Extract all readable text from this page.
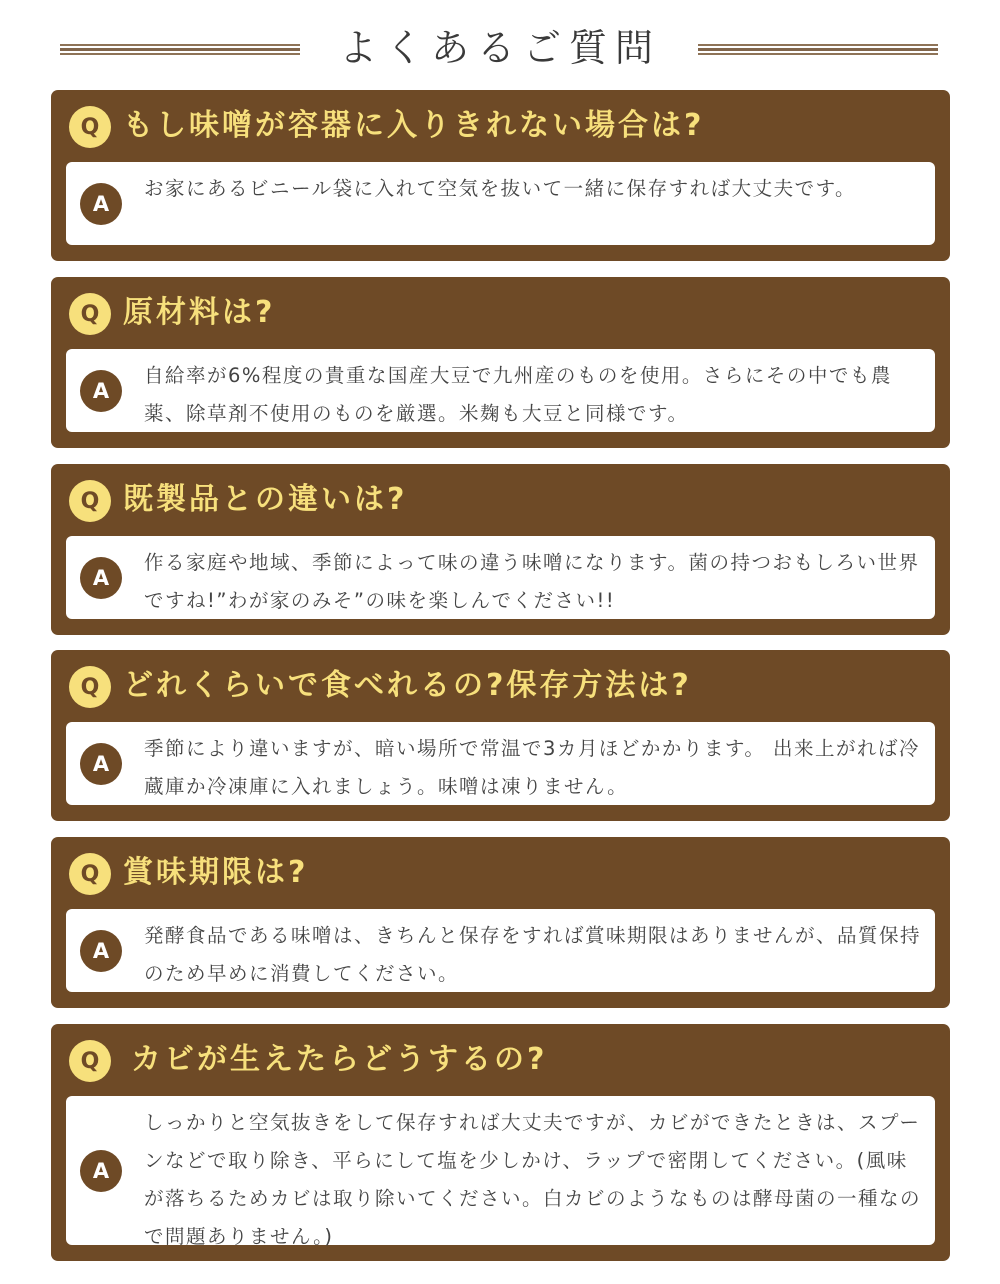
よくあるご質問
Q もし味噌が容器に入りきれない場合は?
A
お家にあるビニール袋に入れて空気を抜いて一緒に保存すれば大丈夫です。
Q 原材料は?
A
自給率が6%程度の貴重な国産大豆で九州産のものを使用。さらにその中でも農薬、除草剤不使用のものを厳選。米麹も大豆と同様です。
Q 既製品との違いは?
A
作る家庭や地域、季節によって味の違う味噌になります。菌の持つおもしろい世界ですね!”わが家のみそ”の味を楽しんでください!!
Q どれくらいで食べれるの?保存方法は?
A
季節により違いますが、暗い場所で常温で3カ月ほどかかります。 出来上がれば冷蔵庫か冷凍庫に入れましょう。味噌は凍りません。
Q 賞味期限は?
A
発酵食品である味噌は、きちんと保存をすれば賞味期限はありませんが、品質保持のため早めに消費してください。
Q	カビが生えたらどうするの?
A
しっかりと空気抜きをして保存すれば大丈夫ですが、カビができたときは、スプーンなどで取り除き、平らにして塩を少しかけ、ラップで密閉してください。(風味が落ちるためカビは取り除いてください。白カビのようなものは酵母菌の一種なので問題ありません。)
